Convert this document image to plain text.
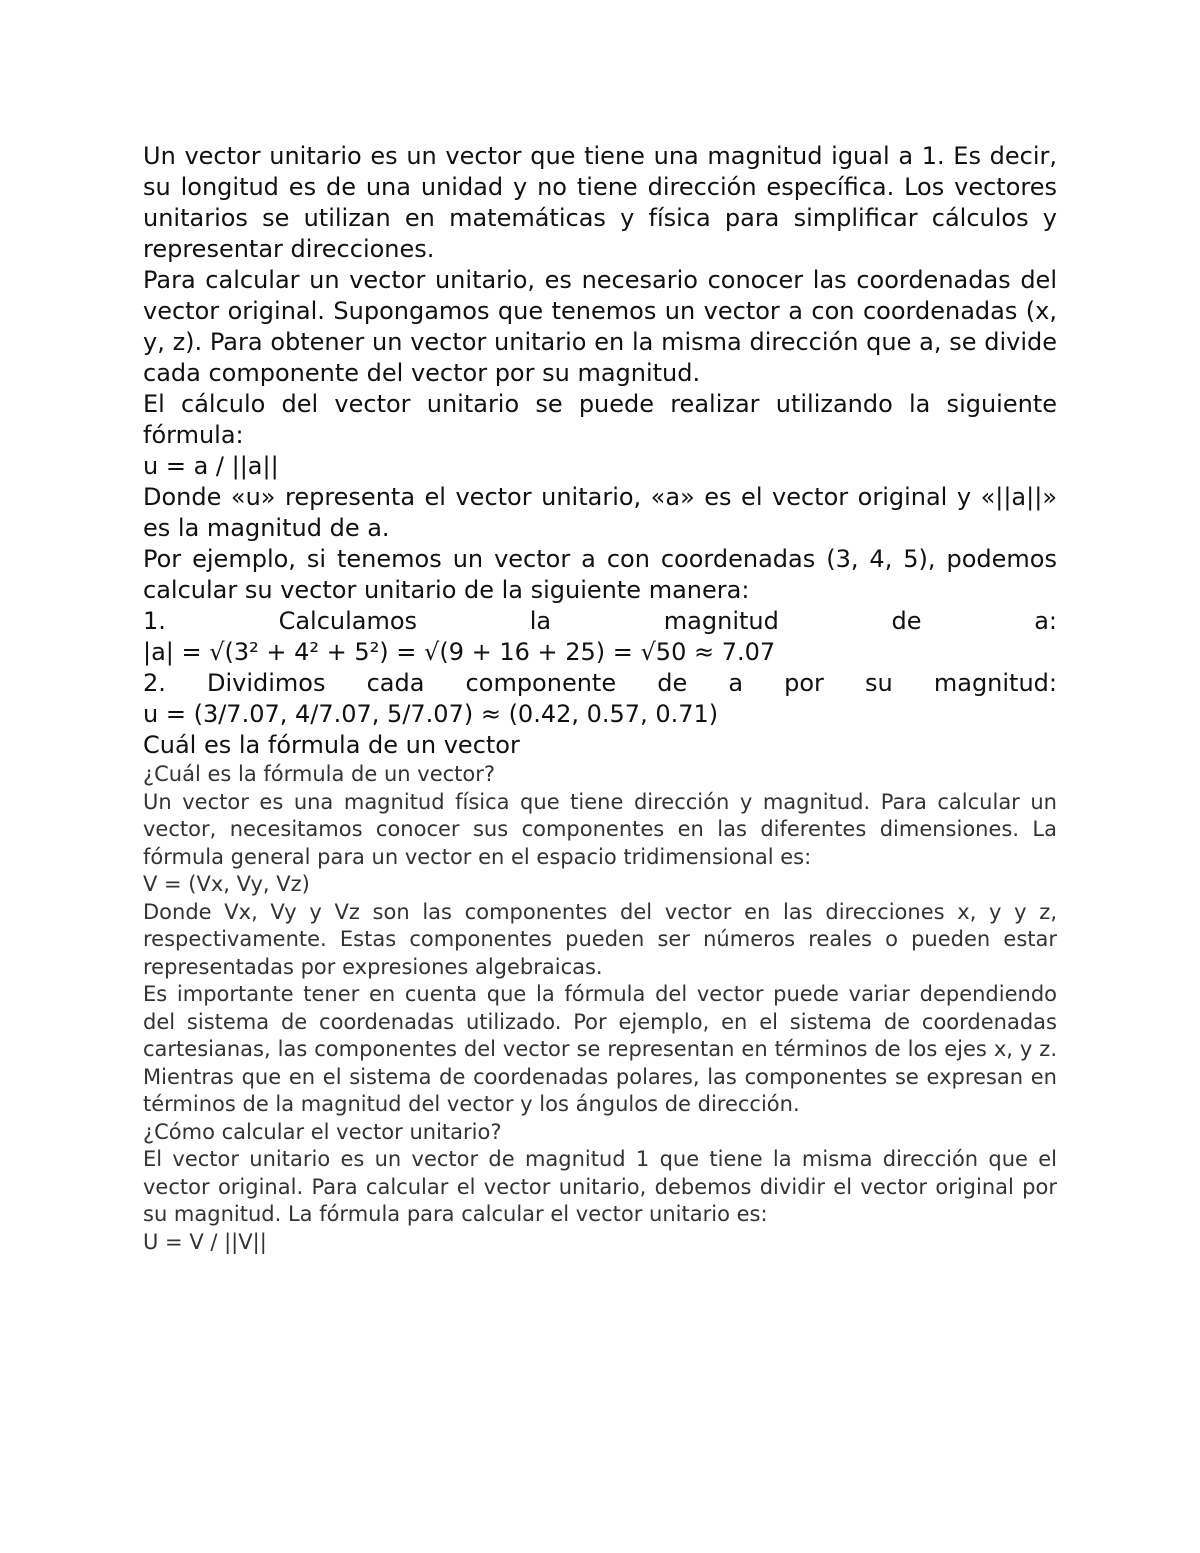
Un vector unitario es un vector que tiene una magnitud igual a 1. Es decir, su longitud es de una unidad y no tiene dirección específica. Los vectores unitarios se utilizan en matemáticas y física para simplificar cálculos y representar direcciones.

Para calcular un vector unitario, es necesario conocer las coordenadas del vector original. Supongamos que tenemos un vector a con coordenadas (x, y, z). Para obtener un vector unitario en la misma dirección que a, se divide cada componente del vector por su magnitud.

El cálculo del vector unitario se puede realizar utilizando la siguiente fórmula:

u = a / ||a||

Donde «u» representa el vector unitario, «a» es el vector original y «||a||» es la magnitud de a.

Por ejemplo, si tenemos un vector a con coordenadas (3, 4, 5), podemos calcular su vector unitario de la siguiente manera:

1. Calculamos la magnitud de a:

|a| = √(3² + 4² + 5²) = √(9 + 16 + 25) = √50 ≈ 7.07

2. Dividimos cada componente de a por su magnitud:

u = (3/7.07, 4/7.07, 5/7.07) ≈ (0.42, 0.57, 0.71)

Cuál es la fórmula de un vector

¿Cuál es la fórmula de un vector?

Un vector es una magnitud física que tiene dirección y magnitud. Para calcular un vector, necesitamos conocer sus componentes en las diferentes dimensiones. La fórmula general para un vector en el espacio tridimensional es:

V = (Vx, Vy, Vz)

Donde Vx, Vy y Vz son las componentes del vector en las direcciones x, y y z, respectivamente. Estas componentes pueden ser números reales o pueden estar representadas por expresiones algebraicas.

Es importante tener en cuenta que la fórmula del vector puede variar dependiendo del sistema de coordenadas utilizado. Por ejemplo, en el sistema de coordenadas cartesianas, las componentes del vector se representan en términos de los ejes x, y z. Mientras que en el sistema de coordenadas polares, las componentes se expresan en términos de la magnitud del vector y los ángulos de dirección.

¿Cómo calcular el vector unitario?

El vector unitario es un vector de magnitud 1 que tiene la misma dirección que el vector original. Para calcular el vector unitario, debemos dividir el vector original por su magnitud. La fórmula para calcular el vector unitario es:

U = V / ||V||
